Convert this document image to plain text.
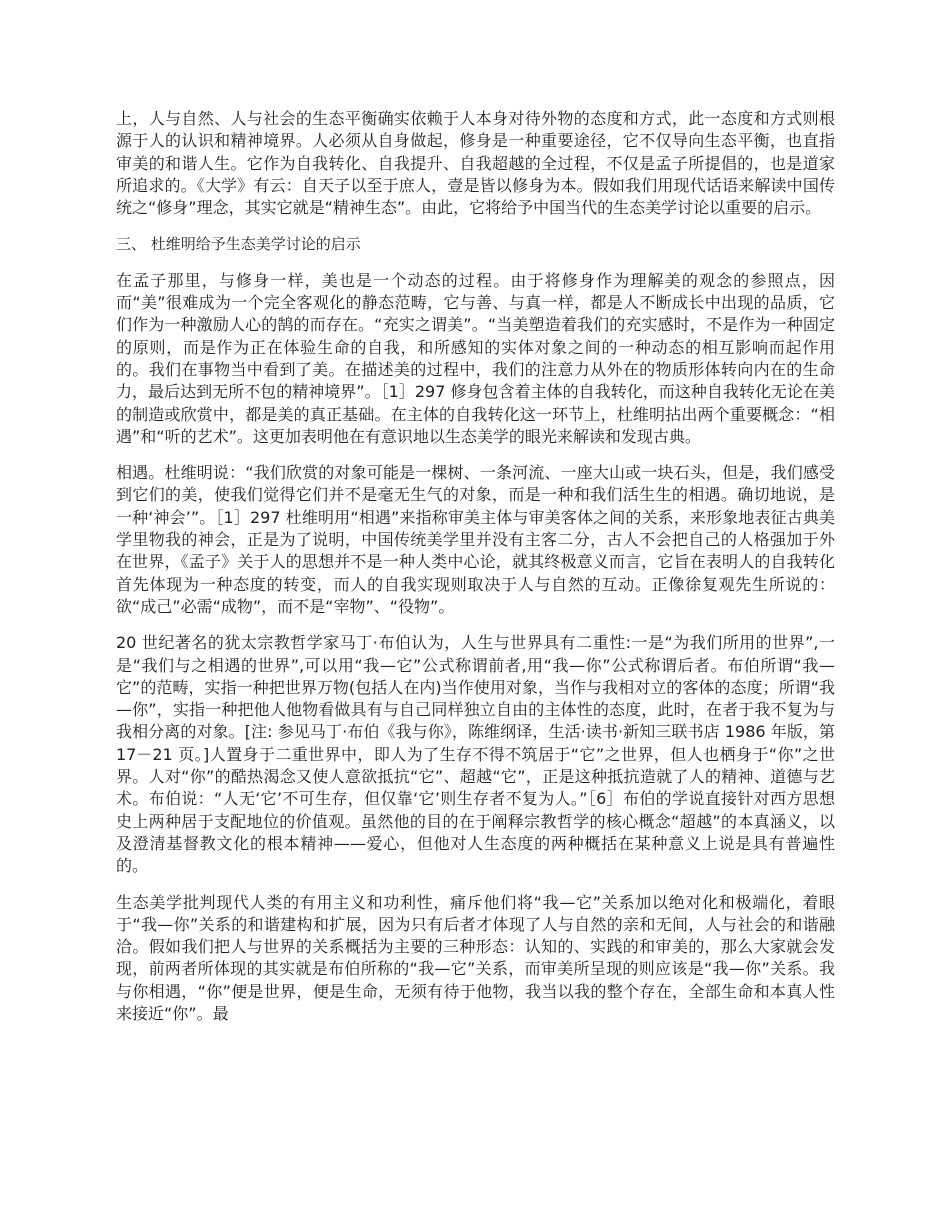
上，人与自然、人与社会的生态平衡确实依赖于人本身对待外物的态度和方式，此一态度和方式则根源于人的认识和精神境界。人必须从自身做起，修身是一种重要途径，它不仅导向生态平衡，也直指审美的和谐人生。它作为自我转化、自我提升、自我超越的全过程，不仅是孟子所提倡的，也是道家所追求的。《大学》有云：自天子以至于庶人，壹是皆以修身为本。假如我们用现代话语来解读中国传统之“修身”理念，其实它就是“精神生态”。由此，它将给予中国当代的生态美学讨论以重要的启示。

三、 杜维明给予生态美学讨论的启示

在孟子那里，与修身一样，美也是一个动态的过程。由于将修身作为理解美的观念的参照点，因而“美”很难成为一个完全客观化的静态范畴，它与善、与真一样，都是人不断成长中出现的品质，它们作为一种激励人心的鹄的而存在。“充实之谓美”。“当美塑造着我们的充实感时，不是作为一种固定的原则，而是作为正在体验生命的自我，和所感知的实体对象之间的一种动态的相互影响而起作用的。我们在事物当中看到了美。在描述美的过程中，我们的注意力从外在的物质形体转向内在的生命力，最后达到无所不包的精神境界”。［1］297 修身包含着主体的自我转化，而这种自我转化无论在美的制造或欣赏中，都是美的真正基础。在主体的自我转化这一环节上，杜维明拈出两个重要概念：“相遇”和“听的艺术”。这更加表明他在有意识地以生态美学的眼光来解读和发现古典。

相遇。杜维明说：“我们欣赏的对象可能是一棵树、一条河流、一座大山或一块石头，但是，我们感受到它们的美，使我们觉得它们并不是毫无生气的对象，而是一种和我们活生生的相遇。确切地说，是一种‘神会’”。［1］297 杜维明用“相遇”来指称审美主体与审美客体之间的关系，来形象地表征古典美学里物我的神会，正是为了说明，中国传统美学里并没有主客二分，古人不会把自己的人格强加于外在世界，《孟子》关于人的思想并不是一种人类中心论，就其终极意义而言，它旨在表明人的自我转化首先体现为一种态度的转变，而人的自我实现则取决于人与自然的互动。正像徐复观先生所说的：欲“成己”必需“成物”，而不是“宰物”、“役物”。

20 世纪著名的犹太宗教哲学家马丁·布伯认为，人生与世界具有二重性:一是“为我们所用的世界”,一是“我们与之相遇的世界”,可以用“我—它”公式称谓前者,用“我—你”公式称谓后者。布伯所谓“我—它”的范畴，实指一种把世界万物(包括人在内)当作使用对象，当作与我相对立的客体的态度；所谓“我—你”，实指一种把他人他物看做具有与自己同样独立自由的主体性的态度，此时，在者于我不复为与我相分离的对象。[注: 参见马丁·布伯《我与你》，陈维纲译，生活·读书·新知三联书店 1986 年版，第 17－21 页。]人置身于二重世界中，即人为了生存不得不筑居于“它”之世界，但人也栖身于“你”之世界。人对“你”的酷热渴念又使人意欲抵抗“它”、超越“它”，正是这种抵抗造就了人的精神、道德与艺术。布伯说：“人无‘它’不可生存，但仅靠‘它’则生存者不复为人。”［6］布伯的学说直接针对西方思想史上两种居于支配地位的价值观。虽然他的目的在于阐释宗教哲学的核心概念“超越”的本真涵义，以及澄清基督教文化的根本精神——爱心，但他对人生态度的两种概括在某种意义上说是具有普遍性的。

生态美学批判现代人类的有用主义和功利性，痛斥他们将“我—它”关系加以绝对化和极端化，着眼于“我—你”关系的和谐建构和扩展，因为只有后者才体现了人与自然的亲和无间，人与社会的和谐融洽。假如我们把人与世界的关系概括为主要的三种形态：认知的、实践的和审美的，那么大家就会发现，前两者所体现的其实就是布伯所称的“我—它”关系，而审美所呈现的则应该是“我—你”关系。我与你相遇，“你”便是世界，便是生命，无须有待于他物，我当以我的整个存在，全部生命和本真人性来接近“你”。最
